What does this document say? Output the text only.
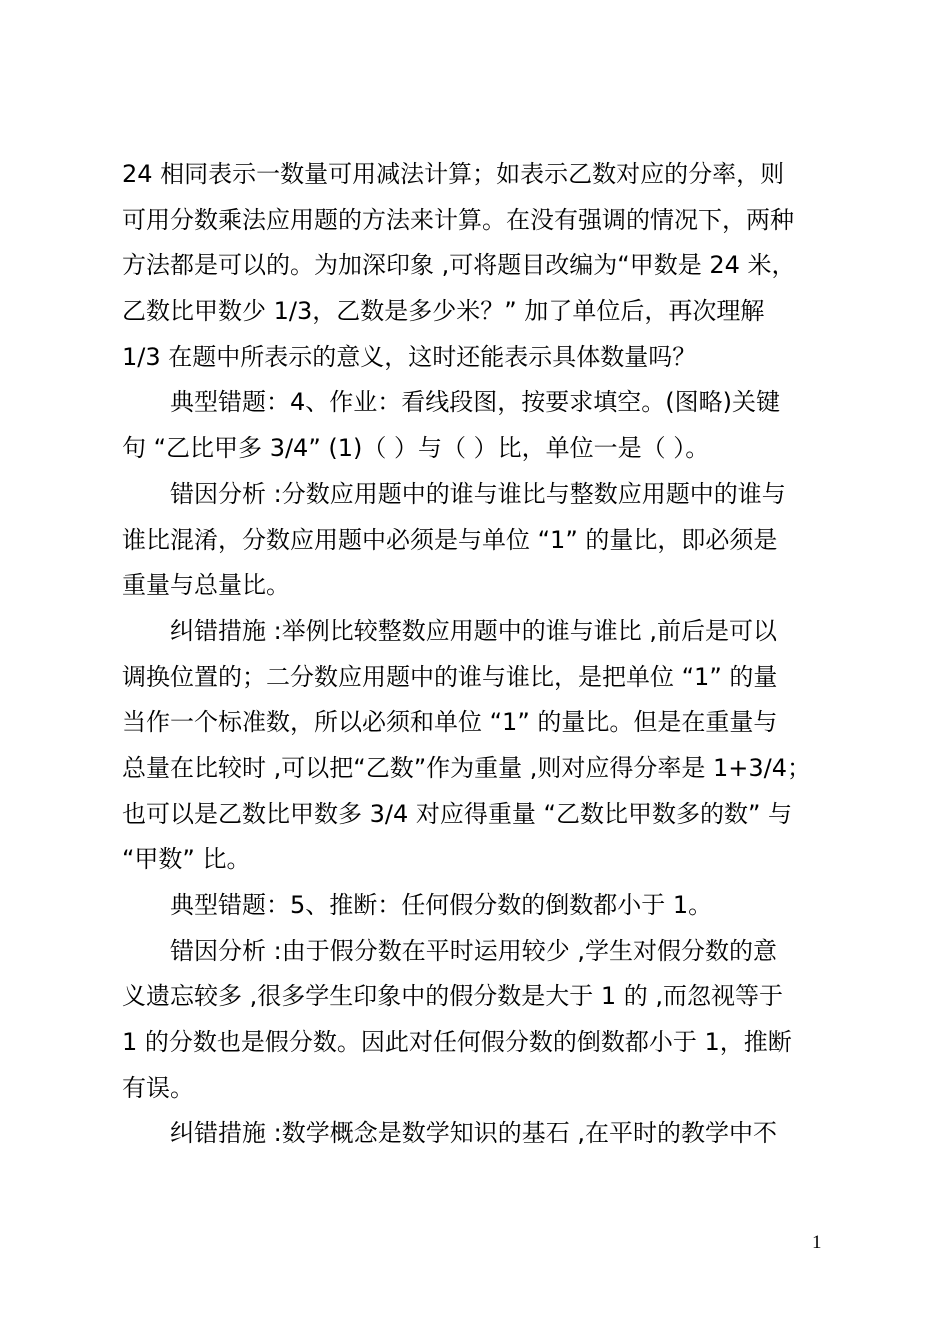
24 相同表示一数量可用减法计算；如表示乙数对应的分率，则
可用分数乘法应用题的方法来计算。在没有强调的情况下，两种
方法都是可以的。为加深印象 ,可将题目改编为“甲数是 24 米，
乙数比甲数少 1/3，乙数是多少米？” 加了单位后，再次理解
1/3 在题中所表示的意义，这时还能表示具体数量吗？
典型错题：4、作业：看线段图，按要求填空。(图略)关键
句 “乙比甲多 3/4” (1)（ ）与（ ）比，单位一是（ ）。
错因分析 :分数应用题中的谁与谁比与整数应用题中的谁与
谁比混淆，分数应用题中必须是与单位 “1” 的量比，即必须是
重量与总量比。
纠错措施 :举例比较整数应用题中的谁与谁比 ,前后是可以
调换位置的；二分数应用题中的谁与谁比，是把单位 “1” 的量
当作一个标准数，所以必须和单位 “1” 的量比。但是在重量与
总量在比较时 ,可以把“乙数”作为重量 ,则对应得分率是 1+3/4；
也可以是乙数比甲数多 3/4 对应得重量 “乙数比甲数多的数” 与
“甲数” 比。
典型错题：5、推断：任何假分数的倒数都小于 1。
错因分析 :由于假分数在平时运用较少 ,学生对假分数的意
义遗忘较多 ,很多学生印象中的假分数是大于 1 的 ,而忽视等于
1 的分数也是假分数。因此对任何假分数的倒数都小于 1，推断
有误。
纠错措施 :数学概念是数学知识的基石 ,在平时的教学中不
1
